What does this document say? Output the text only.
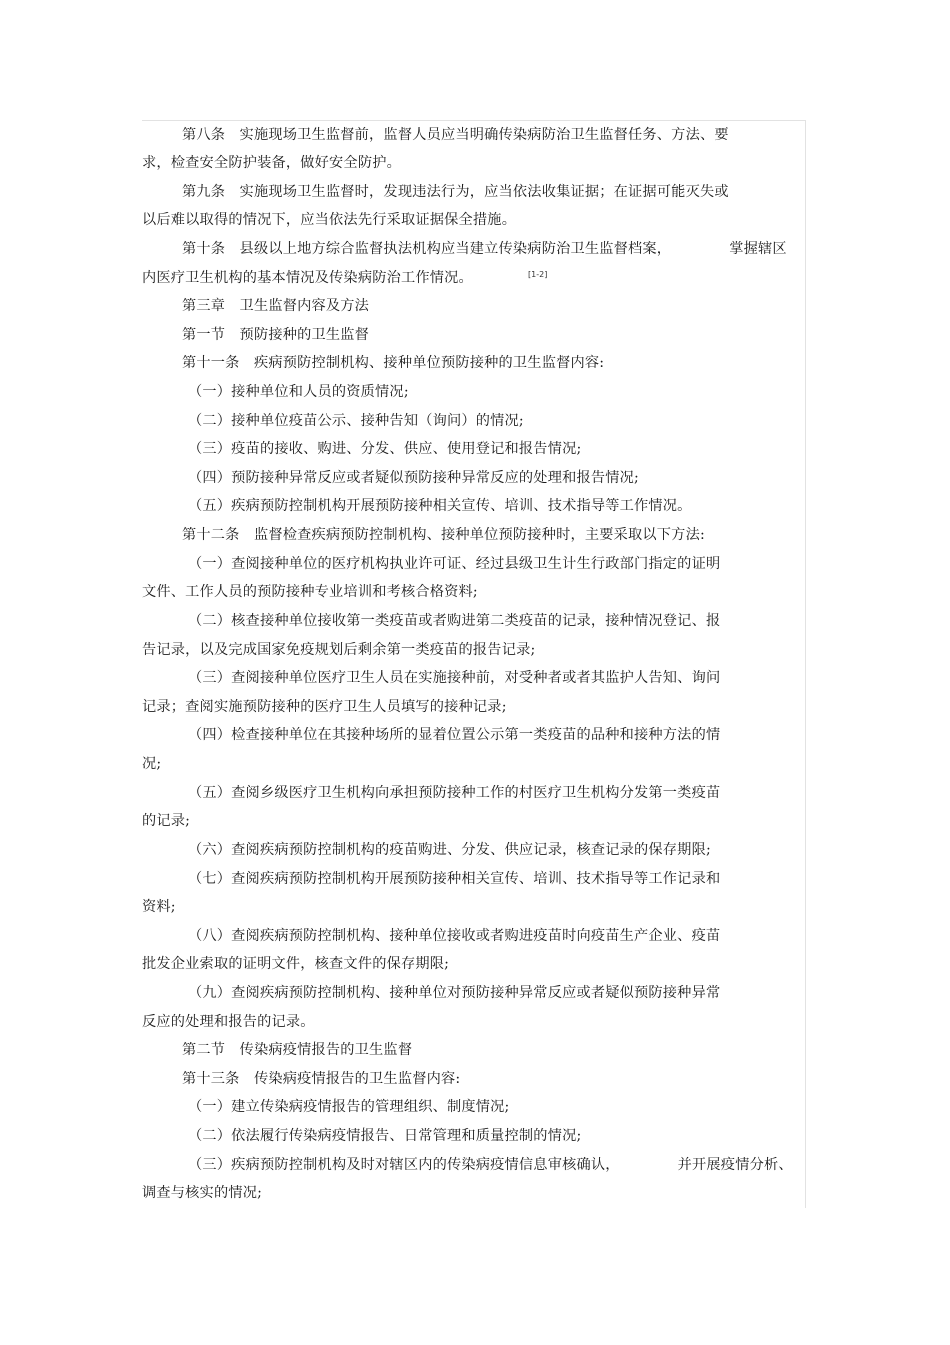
第八条　实施现场卫生监督前，监督人员应当明确传染病防治卫生监督任务、方法、要
求，检查安全防护装备，做好安全防护。
第九条　实施现场卫生监督时，发现违法行为，应当依法收集证据；在证据可能灭失或
以后难以取得的情况下，应当依法先行采取证据保全措施。
第十条　县级以上地方综合监督执法机构应当建立传染病防治卫生监督档案，	掌握辖区
内医疗卫生机构的基本情况及传染病防治工作情况。	[1-2]
第三章　卫生监督内容及方法
第一节　预防接种的卫生监督
第十一条　疾病预防控制机构、接种单位预防接种的卫生监督内容:
（一）接种单位和人员的资质情况;
（二）接种单位疫苗公示、接种告知（询问）的情况;
（三）疫苗的接收、购进、分发、供应、使用登记和报告情况;
（四）预防接种异常反应或者疑似预防接种异常反应的处理和报告情况;
（五）疾病预防控制机构开展预防接种相关宣传、培训、技术指导等工作情况。
第十二条　监督检查疾病预防控制机构、接种单位预防接种时，主要采取以下方法:
（一）查阅接种单位的医疗机构执业许可证、经过县级卫生计生行政部门指定的证明
文件、工作人员的预防接种专业培训和考核合格资料;
（二）核查接种单位接收第一类疫苗或者购进第二类疫苗的记录，接种情况登记、报
告记录，以及完成国家免疫规划后剩余第一类疫苗的报告记录;
（三）查阅接种单位医疗卫生人员在实施接种前，对受种者或者其监护人告知、询问
记录；查阅实施预防接种的医疗卫生人员填写的接种记录;
（四）检查接种单位在其接种场所的显着位置公示第一类疫苗的品种和接种方法的情
况;
（五）查阅乡级医疗卫生机构向承担预防接种工作的村医疗卫生机构分发第一类疫苗
的记录;
（六）查阅疾病预防控制机构的疫苗购进、分发、供应记录，核查记录的保存期限;
（七）查阅疾病预防控制机构开展预防接种相关宣传、培训、技术指导等工作记录和
资料;
（八）查阅疾病预防控制机构、接种单位接收或者购进疫苗时向疫苗生产企业、疫苗
批发企业索取的证明文件，核查文件的保存期限;
（九）查阅疾病预防控制机构、接种单位对预防接种异常反应或者疑似预防接种异常
反应的处理和报告的记录。
第二节　传染病疫情报告的卫生监督
第十三条　传染病疫情报告的卫生监督内容:
（一）建立传染病疫情报告的管理组织、制度情况;
（二）依法履行传染病疫情报告、日常管理和质量控制的情况;
（三）疾病预防控制机构及时对辖区内的传染病疫情信息审核确认，	并开展疫情分析、
调查与核实的情况;
